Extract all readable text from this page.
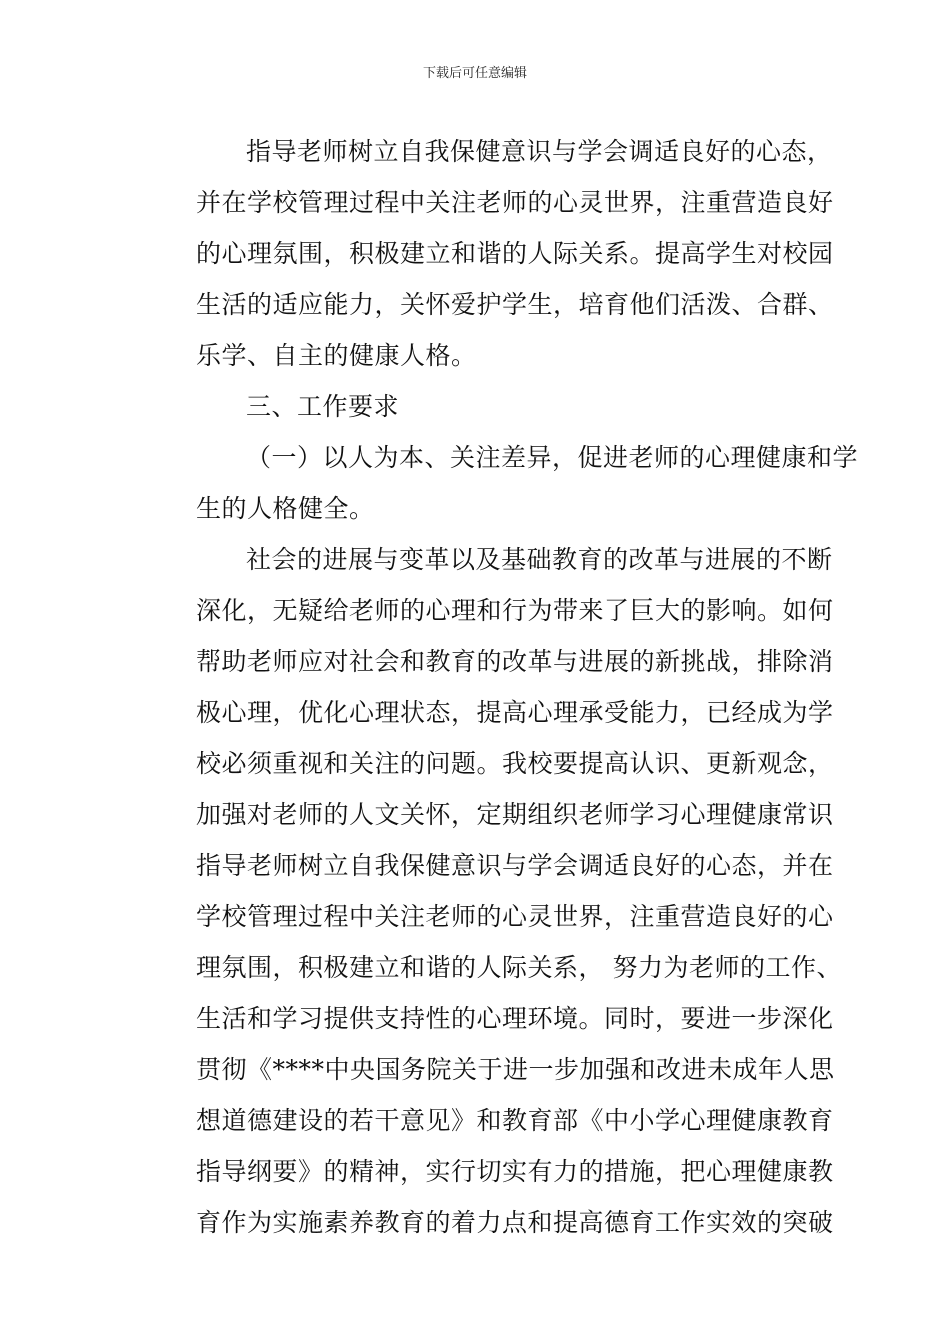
下载后可任意编辑
指导老师树立自我保健意识与学会调适良好的心态，
并在学校管理过程中关注老师的心灵世界，注重营造良好
的心理氛围，积极建立和谐的人际关系。提高学生对校园
生活的适应能力，关怀爱护学生，培育他们活泼、合群、
乐学、自主的健康人格。
三、工作要求
（一）以人为本、关注差异，促进老师的心理健康和学
生的人格健全。
社会的进展与变革以及基础教育的改革与进展的不断
深化，无疑给老师的心理和行为带来了巨大的影响。如何
帮助老师应对社会和教育的改革与进展的新挑战，排除消
极心理，优化心理状态，提高心理承受能力，已经成为学
校必须重视和关注的问题。我校要提高认识、更新观念，
加强对老师的人文关怀，定期组织老师学习心理健康常识
指导老师树立自我保健意识与学会调适良好的心态，并在
学校管理过程中关注老师的心灵世界，注重营造良好的心
理氛围，积极建立和谐的人际关系， 努力为老师的工作、
生活和学习提供支持性的心理环境。同时，要进一步深化
贯彻《****中央国务院关于进一步加强和改进未成年人思
想道德建设的若干意见》和教育部《中小学心理健康教育
指导纲要》的精神，实行切实有力的措施，把心理健康教
育作为实施素养教育的着力点和提高德育工作实效的突破
